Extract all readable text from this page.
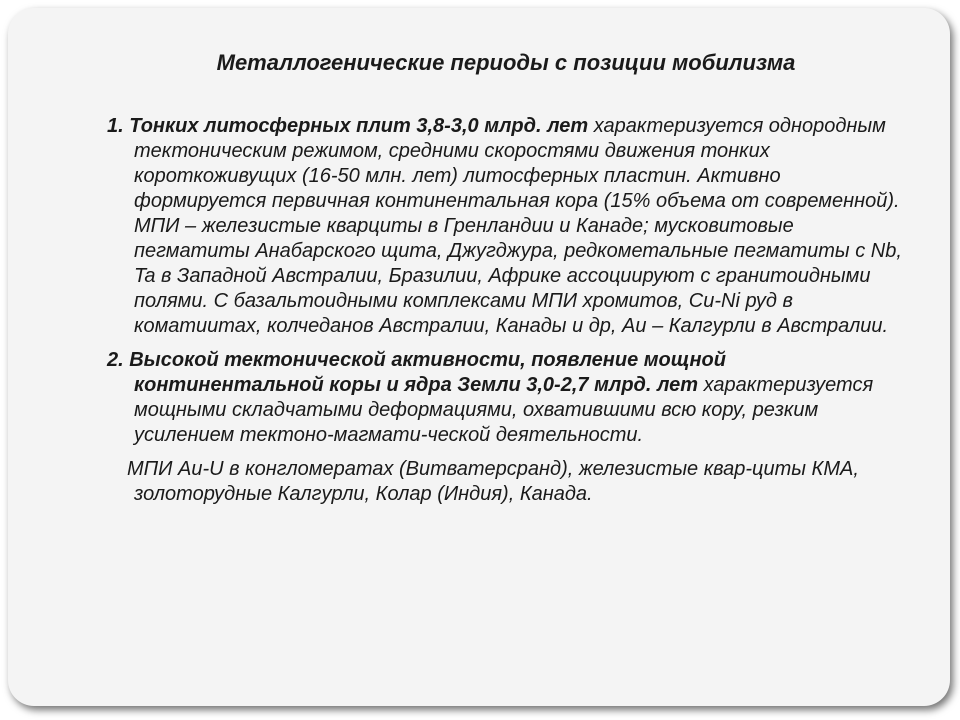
Металлогенические периоды с позиции мобилизма

1. Тонких литосферных плит 3,8-3,0 млрд. лет характеризуется однородным тектоническим режимом, средними скоростями движения тонких короткоживущих (16-50 млн. лет) литосферных пластин. Активно формируется первичная континентальная кора (15% объема от современной). МПИ – железистые кварциты в Гренландии и Канаде; мусковитовые пегматиты Анабарского щита, Джугджура, редкометальные пегматиты с Nb, Ta в Западной Австралии, Бразилии, Африке ассоциируют с гранитоидными полями. С базальтоидными комплексами МПИ хромитов, Cu-Ni руд в коматиитах, колчеданов Австралии, Канады и др, Au – Калгурли в Австралии.

2. Высокой тектонической активности, появление мощной континентальной коры и ядра Земли 3,0-2,7 млрд. лет характеризуется мощными складчатыми деформациями, охватившими всю кору, резким усилением тектоно-магмати-ческой деятельности.

МПИ Au-U в конгломератах (Витватерсранд), железистые квар-циты КМА, золоторудные Калгурли, Колар (Индия), Канада.
